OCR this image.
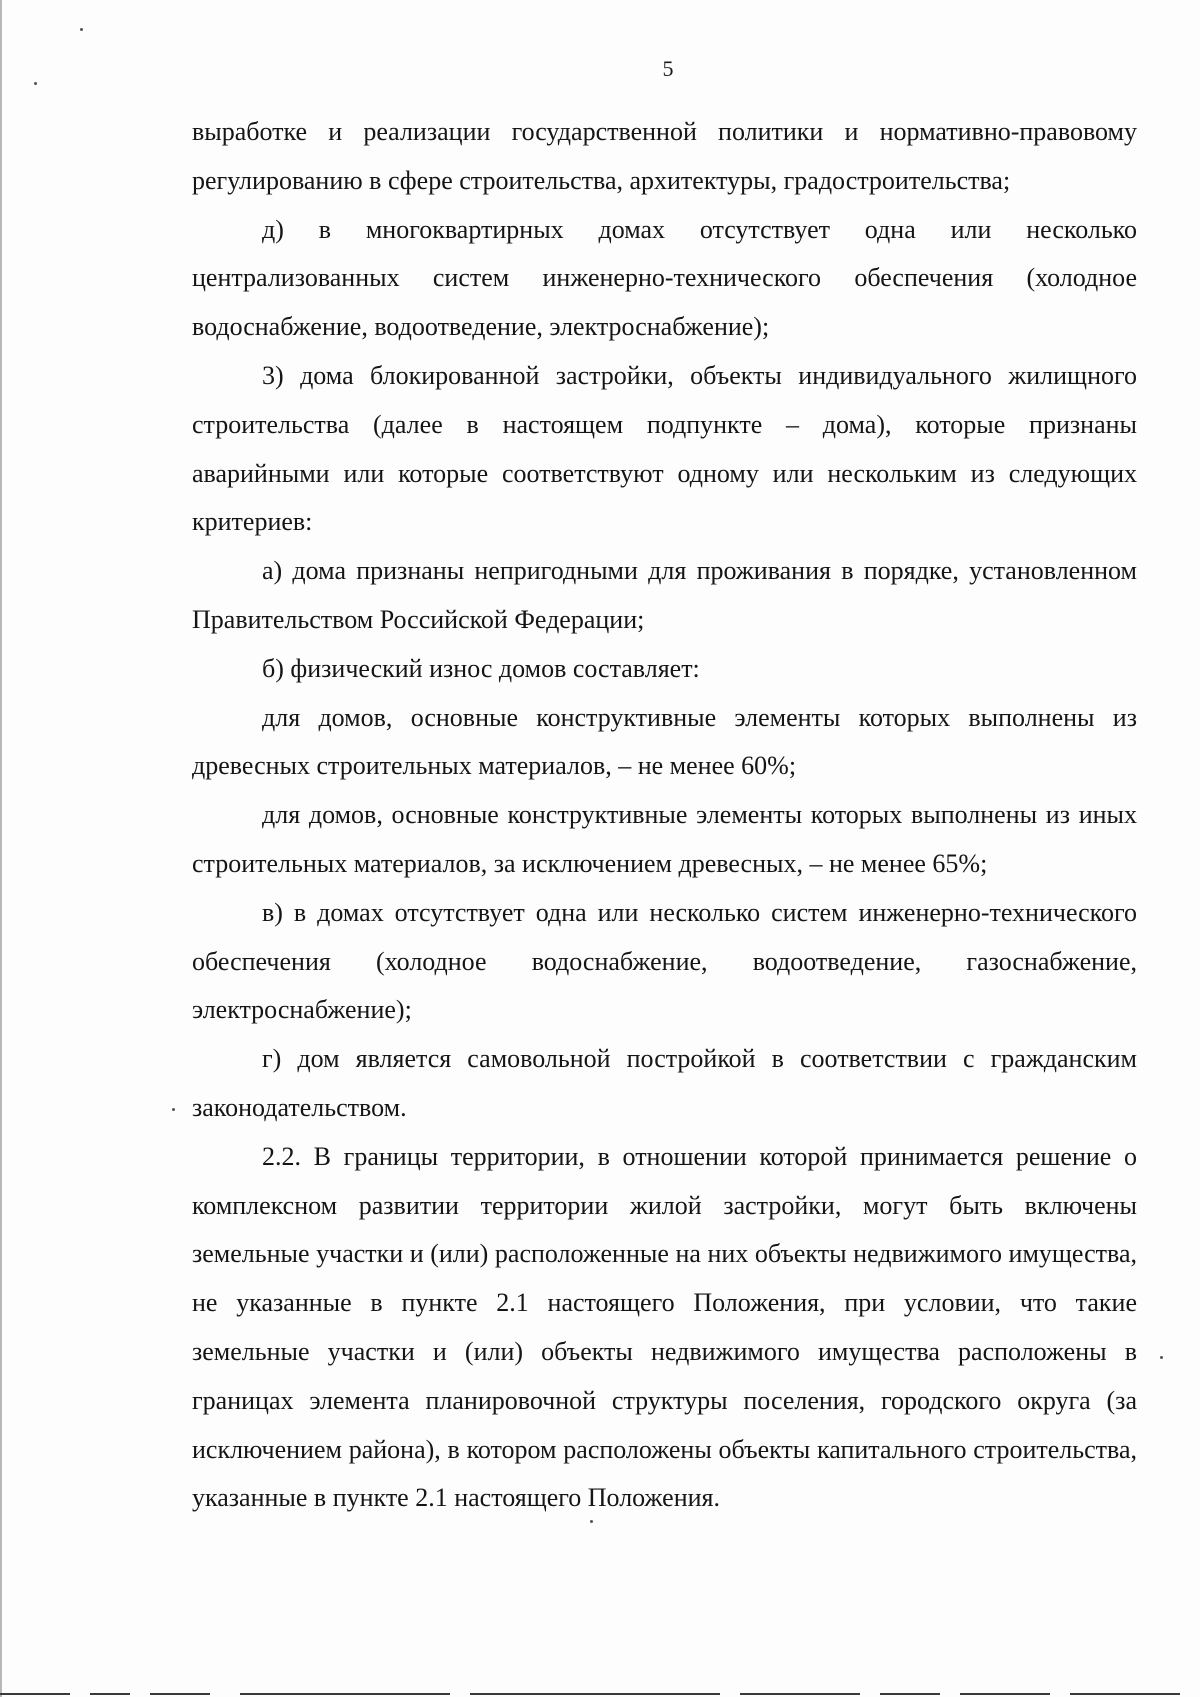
5

выработке и реализации государственной политики и нормативно-правовому регулированию в сфере строительства, архитектуры, градостроительства;

д) в многоквартирных домах отсутствует одна или несколько централизованных систем инженерно-технического обеспечения (холодное водоснабжение, водоотведение, электроснабжение);

3) дома блокированной застройки, объекты индивидуального жилищного строительства (далее в настоящем подпункте – дома), которые признаны аварийными или которые соответствуют одному или нескольким из следующих критериев:

а) дома признаны непригодными для проживания в порядке, установленном Правительством Российской Федерации;

б) физический износ домов составляет:

для домов, основные конструктивные элементы которых выполнены из древесных строительных материалов, – не менее 60%;

для домов, основные конструктивные элементы которых выполнены из иных строительных материалов, за исключением древесных, – не менее 65%;

в) в домах отсутствует одна или несколько систем инженерно-технического обеспечения (холодное водоснабжение, водоотведение, газоснабжение, электроснабжение);

г) дом является самовольной постройкой в соответствии с гражданским законодательством.

2.2. В границы территории, в отношении которой принимается решение о комплексном развитии территории жилой застройки, могут быть включены земельные участки и (или) расположенные на них объекты недвижимого имущества, не указанные в пункте 2.1 настоящего Положения, при условии, что такие земельные участки и (или) объекты недвижимого имущества расположены в границах элемента планировочной структуры поселения, городского округа (за исключением района), в котором расположены объекты капитального строительства, указанные в пункте 2.1 настоящего Положения.
